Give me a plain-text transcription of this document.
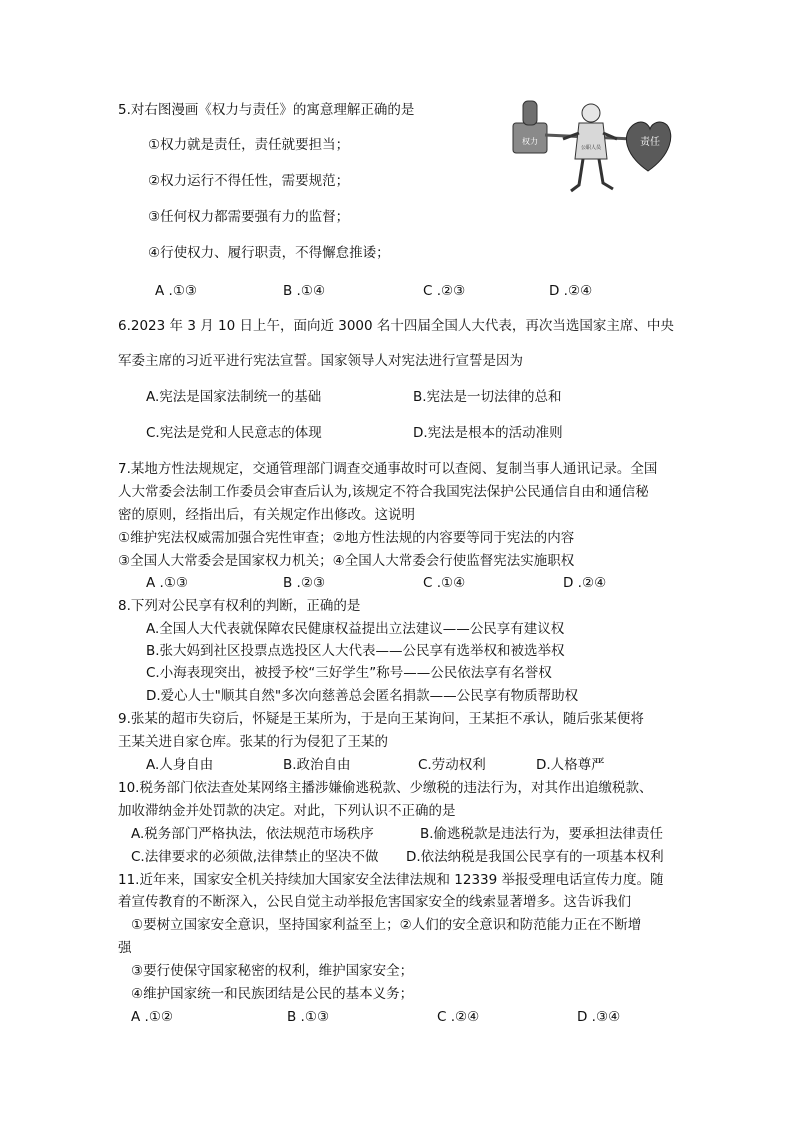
5.对右图漫画《权力与责任》的寓意理解正确的是
①权力就是责任，责任就要担当；
②权力运行不得任性，需要规范；
③任何权力都需要强有力的监督；
④行使权力、履行职责，不得懈怠推诿；
A .①③	B .①④	C .②③	D .②④
权力
公职人员	责任
6.2023 年 3 月 10 日上午，面向近 3000 名十四届全国人大代表，再次当选国家主席、中央
军委主席的习近平进行宪法宣誓。国家领导人对宪法进行宣誓是因为
A.宪法是国家法制统一的基础	B.宪法是一切法律的总和
C.宪法是党和人民意志的体现	D.宪法是根本的活动准则
7.某地方性法规规定，交通管理部门调查交通事故时可以查阅、复制当事人通讯记录。全国
人大常委会法制工作委员会审查后认为,该规定不符合我国宪法保护公民通信自由和通信秘
密的原则，经指出后，有关规定作出修改。这说明
①维护宪法权威需加强合宪性审查；②地方性法规的内容要等同于宪法的内容
③全国人大常委会是国家权力机关；④全国人大常委会行使监督宪法实施职权
A .①③	B .②③	C .①④	D .②④
8.下列对公民享有权利的判断，正确的是
A.全国人大代表就保障农民健康权益提出立法建议——公民享有建议权
B.张大妈到社区投票点选投区人大代表——公民享有选举权和被选举权
C.小海表现突出，被授予校“三好学生”称号——公民依法享有名誉权
D.爱心人士"顺其自然"多次向慈善总会匿名捐款——公民享有物质帮助权
9.张某的超市失窃后，怀疑是王某所为，于是向王某询问，王某拒不承认，随后张某便将
王某关进自家仓库。张某的行为侵犯了王某的
A.人身自由	B.政治自由	C.劳动权利	D.人格尊严
10.税务部门依法查处某网络主播涉嫌偷逃税款、少缴税的违法行为，对其作出追缴税款、
加收滞纳金并处罚款的决定。对此，下列认识不正确的是
A.税务部门严格执法，依法规范市场秩序	B.偷逃税款是违法行为，要承担法律责任
C.法律要求的必须做,法律禁止的坚决不做 D.依法纳税是我国公民享有的一项基本权利
11.近年来，国家安全机关持续加大国家安全法律法规和 12339 举报受理电话宣传力度。随
着宣传教育的不断深入，公民自觉主动举报危害国家安全的线索显著增多。这告诉我们
①要树立国家安全意识，坚持国家利益至上；②人们的安全意识和防范能力正在不断增
强
③要行使保守国家秘密的权利，维护国家安全；
④维护国家统一和民族团结是公民的基本义务；
A .①②	B .①③	C .②④	D .③④
